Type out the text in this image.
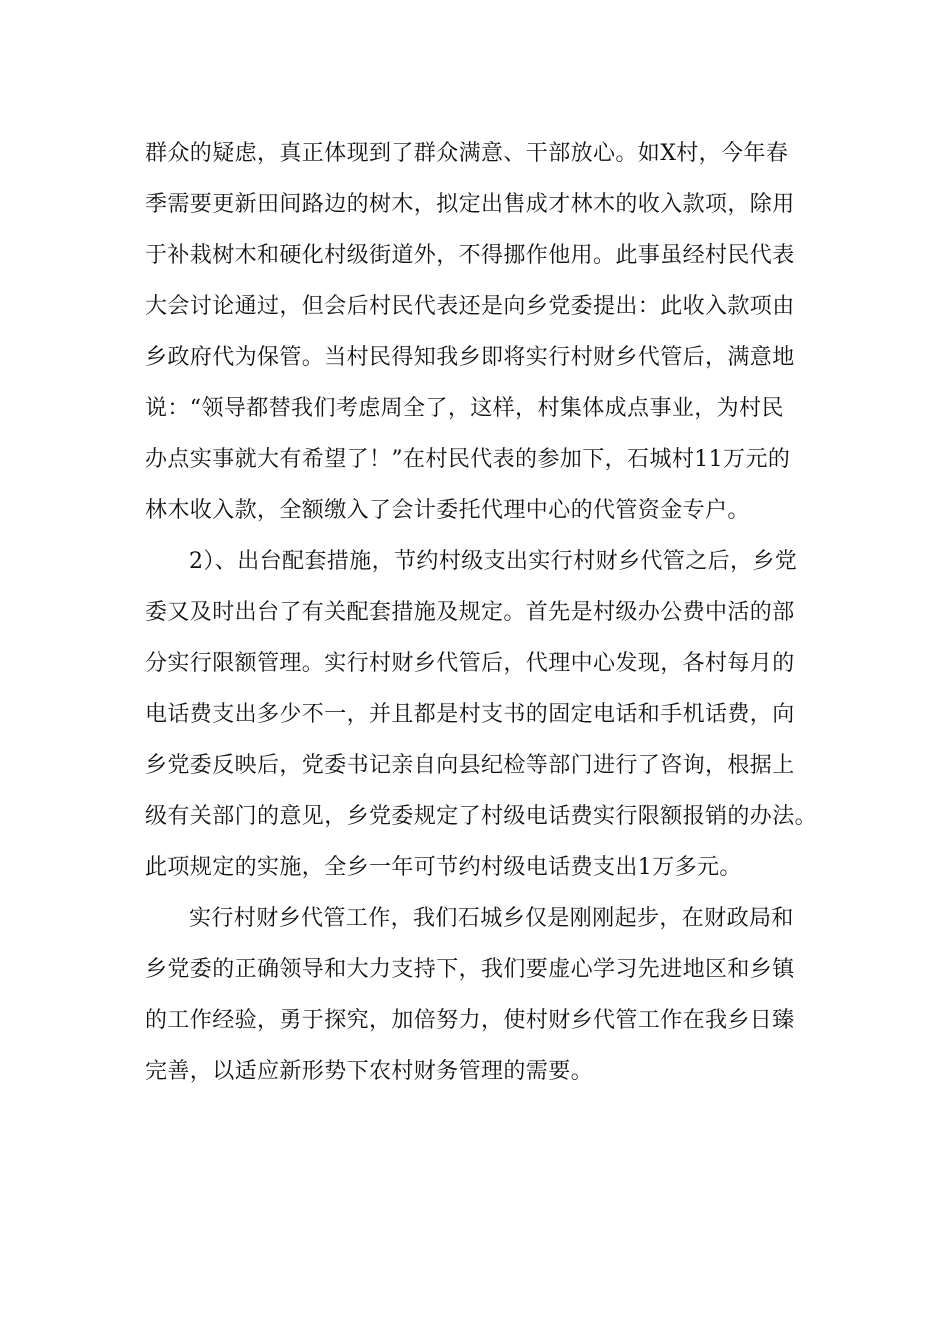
群众的疑虑，真正体现到了群众满意、干部放心。如X村，今年春
季需要更新田间路边的树木，拟定出售成才林木的收入款项，除用
于补栽树木和硬化村级街道外，不得挪作他用。此事虽经村民代表
大会讨论通过，但会后村民代表还是向乡党委提出：此收入款项由
乡政府代为保管。当村民得知我乡即将实行村财乡代管后，满意地
说：“领导都替我们考虑周全了，这样，村集体成点事业，为村民
办点实事就大有希望了！”在村民代表的参加下，石城村11万元的
林木收入款，全额缴入了会计委托代理中心的代管资金专户。
2）、出台配套措施，节约村级支出实行村财乡代管之后，乡党
委又及时出台了有关配套措施及规定。首先是村级办公费中活的部
分实行限额管理。实行村财乡代管后，代理中心发现，各村每月的
电话费支出多少不一，并且都是村支书的固定电话和手机话费，向
乡党委反映后，党委书记亲自向县纪检等部门进行了咨询，根据上
级有关部门的意见，乡党委规定了村级电话费实行限额报销的办法。
此项规定的实施，全乡一年可节约村级电话费支出1万多元。
实行村财乡代管工作，我们石城乡仅是刚刚起步，在财政局和
乡党委的正确领导和大力支持下，我们要虚心学习先进地区和乡镇
的工作经验，勇于探究，加倍努力，使村财乡代管工作在我乡日臻
完善，以适应新形势下农村财务管理的需要。
